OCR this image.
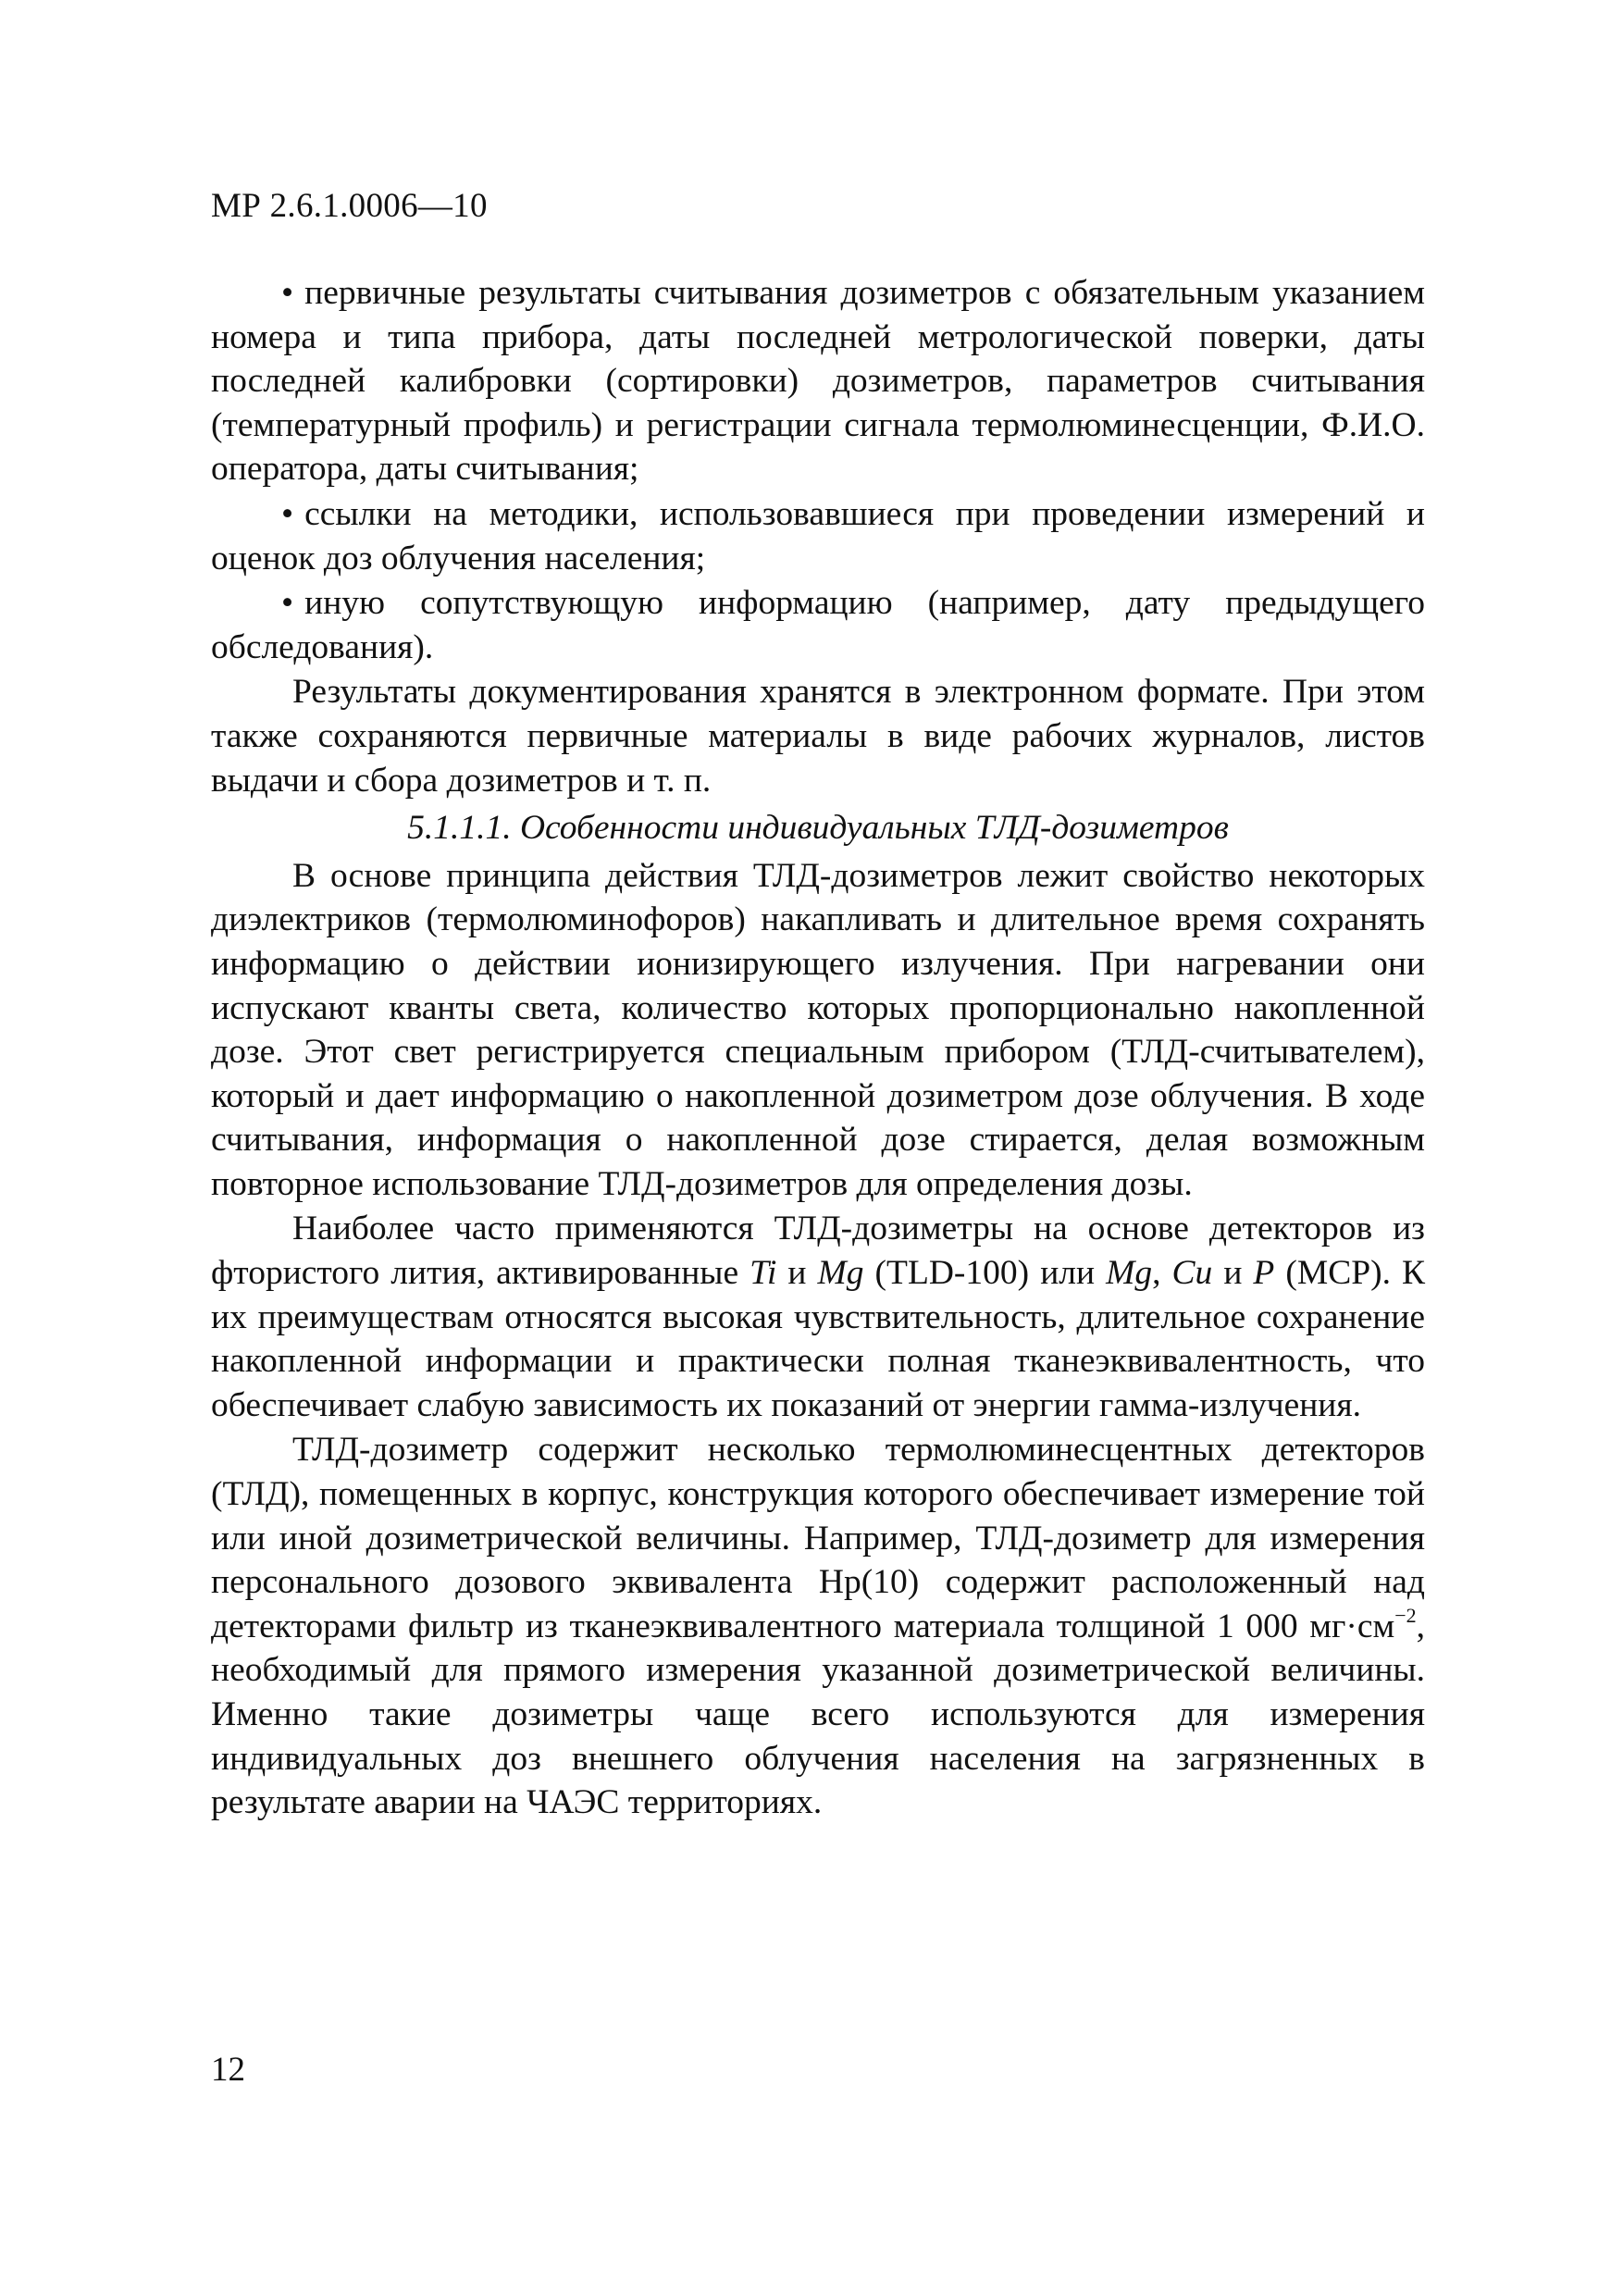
МР 2.6.1.0006—10

• первичные результаты считывания дозиметров с обязательным указанием номера и типа прибора, даты последней метрологической поверки, даты последней калибровки (сортировки) дозиметров, параметров считывания (температурный профиль) и регистрации сигнала термолюминесценции, Ф.И.О. оператора, даты считывания;

• ссылки на методики, использовавшиеся при проведении измерений и оценок доз облучения населения;

• иную сопутствующую информацию (например, дату предыдущего обследования).

Результаты документирования хранятся в электронном формате. При этом также сохраняются первичные материалы в виде рабочих журналов, листов выдачи и сбора дозиметров и т. п.

5.1.1.1. Особенности индивидуальных ТЛД-дозиметров

В основе принципа действия ТЛД-дозиметров лежит свойство некоторых диэлектриков (термолюминофоров) накапливать и длительное время сохранять информацию о действии ионизирующего излучения. При нагревании они испускают кванты света, количество которых пропорционально накопленной дозе. Этот свет регистрируется специальным прибором (ТЛД-считывателем), который и дает информацию о накопленной дозиметром дозе облучения. В ходе считывания, информация о накопленной дозе стирается, делая возможным повторное использование ТЛД-дозиметров для определения дозы.

Наиболее часто применяются ТЛД-дозиметры на основе детекторов из фтористого лития, активированные Ti и Mg (TLD-100) или Mg, Cu и P (MCP). К их преимуществам относятся высокая чувствительность, длительное сохранение накопленной информации и практически полная тканеэквивалентность, что обеспечивает слабую зависимость их показаний от энергии гамма-излучения.

ТЛД-дозиметр содержит несколько термолюминесцентных детекторов (ТЛД), помещенных в корпус, конструкция которого обеспечивает измерение той или иной дозиметрической величины. Например, ТЛД-дозиметр для измерения персонального дозового эквивалента Hp(10) содержит расположенный над детекторами фильтр из тканеэквивалентного материала толщиной 1 000 $мг\cdot см^{-2}$, необходимый для прямого измерения указанной дозиметрической величины. Именно такие дозиметры чаще всего используются для измерения индивидуальных доз внешнего облучения населения на загрязненных в результате аварии на ЧАЭС территориях.

12
